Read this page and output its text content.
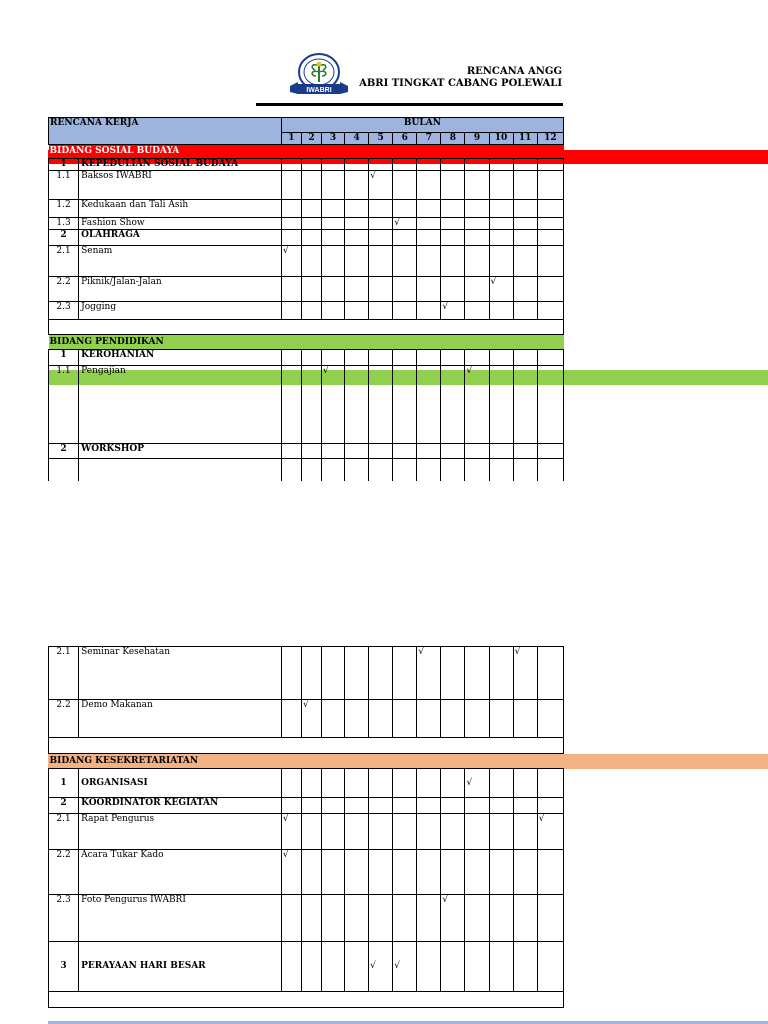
RENCANA ANGG
ABRI TINGKAT CABANG POLEWALI
IWABRI
RENCANA KERJA		BULAN											
		1	2	3	4	5	6	7	8	9	10	11	12
BIDANG SOSIAL BUDAYA													
1	KEPEDULIAN SOSIAL BUDAYA												
1.1	Baksos IWABRI					√							
1.2	Kedukaan dan Tali Asih												
1.3	Fashion Show						√						
2	OLAHRAGA												
2.1	Senam	√											
2.2	Piknik/Jalan-Jalan										√		
2.3	Jogging								√				

BIDANG PENDIDIKAN													
1	KEROHANIAN												
1.1	Pengajian			√						√			
2	WORKSHOP												

2.1	Seminar Kesehatan							√				√	
2.2	Demo Makanan		√										

BIDANG KESEKRETARIATAN													
1	ORGANISASI									√			
2	KOORDINATOR KEGIATAN												
2.1	Rapat Pengurus	√											√
2.2	Acara Tukar Kado	√											
2.3	Foto Pengurus IWABRI								√				
3	PERAYAAN HARI BESAR					√	√						
